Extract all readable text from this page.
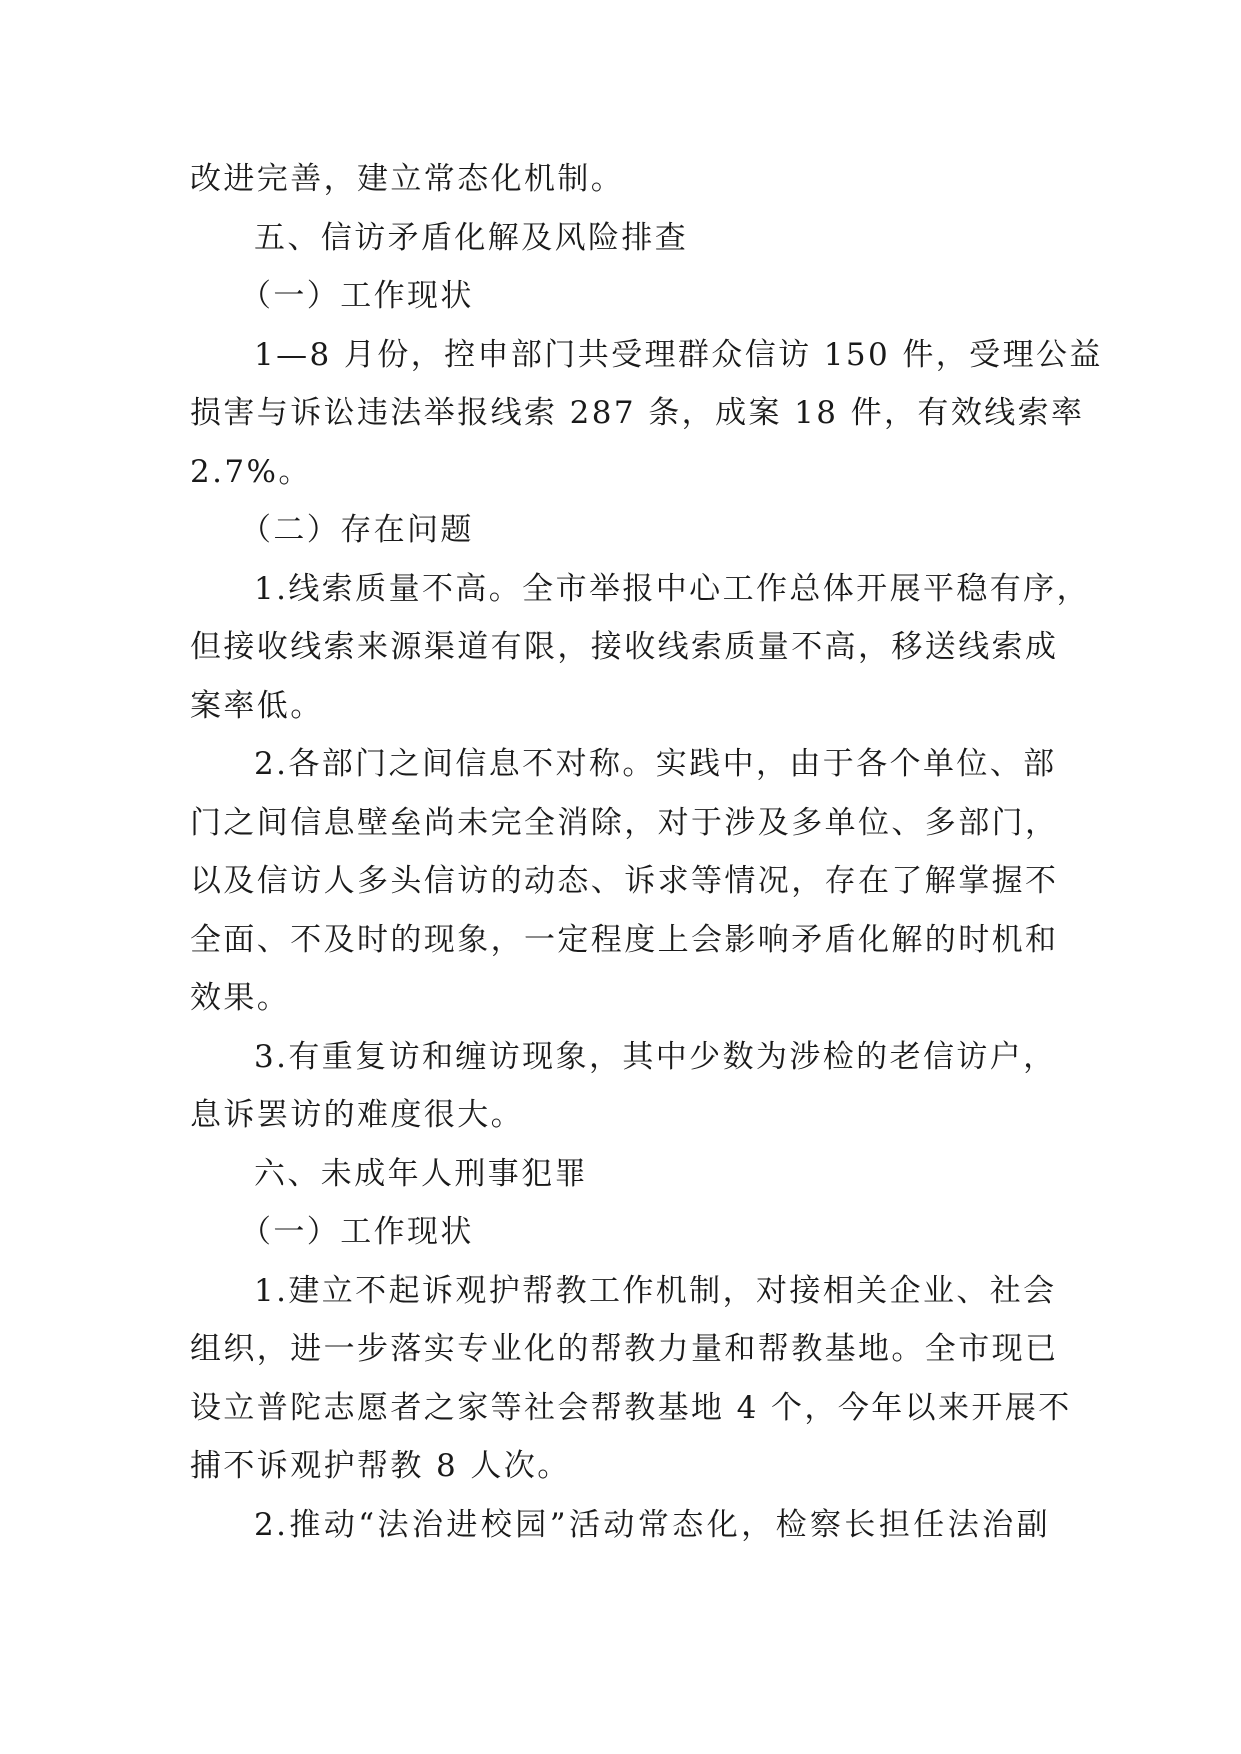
改进完善，建立常态化机制。
五、信访矛盾化解及风险排查
（一）工作现状
1—8 月份，控申部门共受理群众信访 150 件，受理公益
损害与诉讼违法举报线索 287 条，成案 18 件，有效线索率
2.7%。
（二）存在问题
1.线索质量不高。全市举报中心工作总体开展平稳有序，
但接收线索来源渠道有限，接收线索质量不高，移送线索成
案率低。
2.各部门之间信息不对称。实践中，由于各个单位、部
门之间信息壁垒尚未完全消除，对于涉及多单位、多部门，
以及信访人多头信访的动态、诉求等情况，存在了解掌握不
全面、不及时的现象，一定程度上会影响矛盾化解的时机和
效果。
3.有重复访和缠访现象，其中少数为涉检的老信访户，
息诉罢访的难度很大。
六、未成年人刑事犯罪
（一）工作现状
1.建立不起诉观护帮教工作机制，对接相关企业、社会
组织，进一步落实专业化的帮教力量和帮教基地。全市现已
设立普陀志愿者之家等社会帮教基地 4 个，今年以来开展不
捕不诉观护帮教 8 人次。
2.推动“法治进校园”活动常态化，检察长担任法治副
